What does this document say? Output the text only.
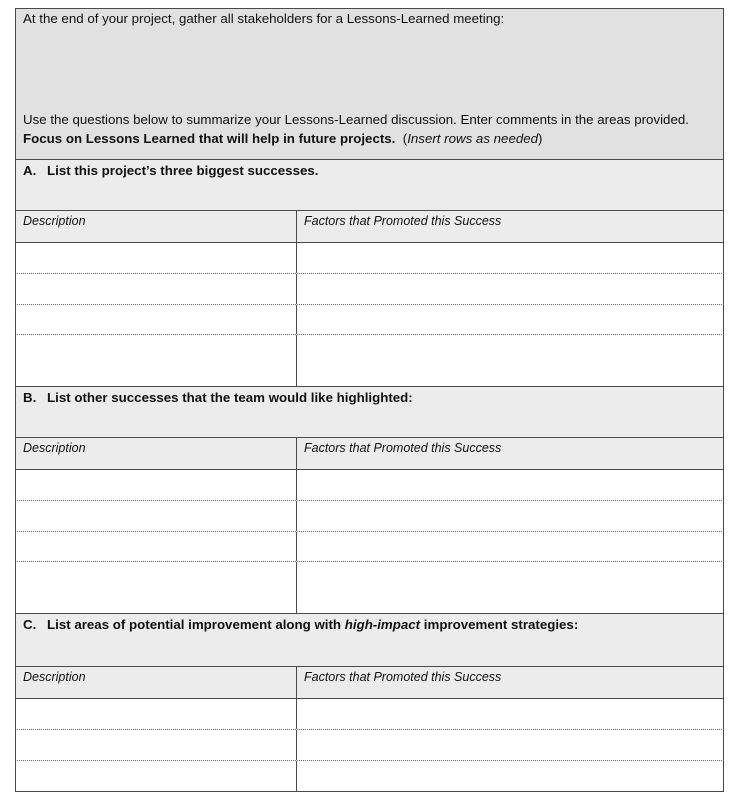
At the end of your project, gather all stakeholders for a Lessons-Learned meeting:
Use the questions below to summarize your Lessons-Learned discussion. Enter comments in the areas provided.
Focus on Lessons Learned that will help in future projects. (Insert rows as needed)
A. List this project’s three biggest successes.
Description	Factors that Promoted this Success
B. List other successes that the team would like highlighted:
Description	Factors that Promoted this Success
C. List areas of potential improvement along with high-impact improvement strategies:
Description	Factors that Promoted this Success
